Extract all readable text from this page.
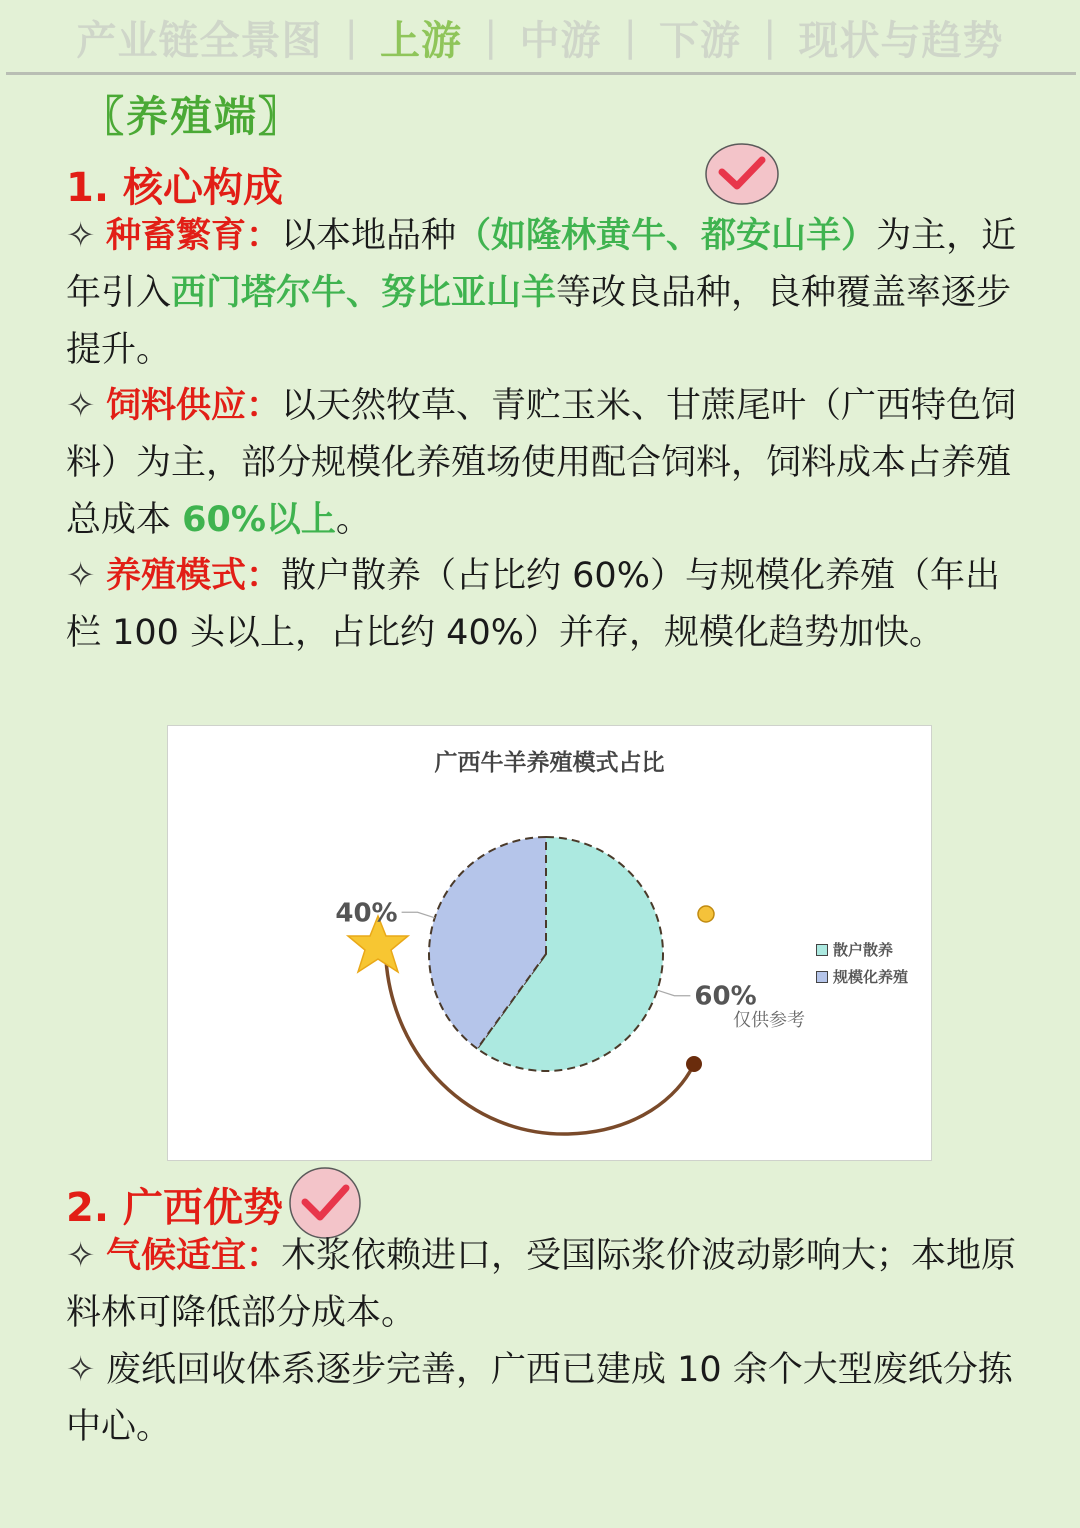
产业链全景图 | 上游 | 中游 | 下游 | 现状与趋势
〖养殖端〗
1. 核心构成
✧ 种畜繁育：以本地品种（如隆林黄牛、都安山羊）为主，近年引入西门塔尔牛、努比亚山羊等改良品种，良种覆盖率逐步提升。
✧ 饲料供应：以天然牧草、青贮玉米、甘蔗尾叶（广西特色饲料）为主，部分规模化养殖场使用配合饲料，饲料成本占养殖总成本 60%以上。
✧ 养殖模式：散户散养（占比约 60%）与规模化养殖（年出栏 100 头以上，占比约 40%）并存，规模化趋势加快。
广西牛羊养殖模式占比
60%
40%
散户散养
规模化养殖
仅供参考
2. 广西优势
✧ 气候适宜：木浆依赖进口，受国际浆价波动影响大；本地原料林可降低部分成本。
✧ 废纸回收体系逐步完善，广西已建成 10 余个大型废纸分拣中心。
